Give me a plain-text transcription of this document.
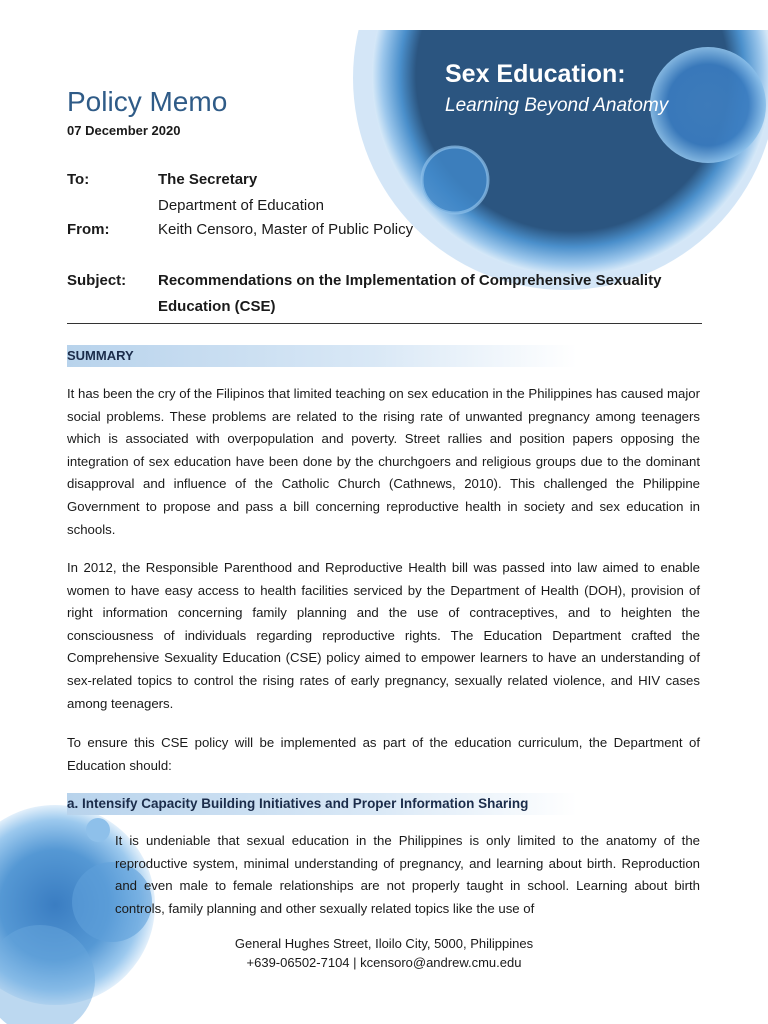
Sex Education:
Learning Beyond Anatomy
Policy Memo
07 December 2020
To:	The Secretary
Department of Education
From:	Keith Censoro, Master of Public Policy
Subject: Recommendations on the Implementation of Comprehensive Sexuality
Education (CSE)
SUMMARY
It has been the cry of the Filipinos that limited teaching on sex education in the Philippines has caused major social problems. These problems are related to the rising rate of unwanted pregnancy among teenagers which is associated with overpopulation and poverty. Street rallies and position papers opposing the integration of sex education have been done by the churchgoers and religious groups due to the dominant disapproval and influence of the Catholic Church (Cathnews, 2010). This challenged the Philippine Government to propose and pass a bill concerning reproductive health in society and sex education in schools.
In 2012, the Responsible Parenthood and Reproductive Health bill was passed into law aimed to enable women to have easy access to health facilities serviced by the Department of Health (DOH), provision of right information concerning family planning and the use of contraceptives, and to heighten the consciousness of individuals regarding reproductive rights. The Education Department crafted the Comprehensive Sexuality Education (CSE) policy aimed to empower learners to have an understanding of sex-related topics to control the rising rates of early pregnancy, sexually related violence, and HIV cases among teenagers.
To ensure this CSE policy will be implemented as part of the education curriculum, the Department of Education should:
a. Intensify Capacity Building Initiatives and Proper Information Sharing
It is undeniable that sexual education in the Philippines is only limited to the anatomy of the reproductive system, minimal understanding of pregnancy, and learning about birth. Reproduction and even male to female relationships are not properly taught in school. Learning about birth controls, family planning and other sexually related topics like the use of
General Hughes Street, Iloilo City, 5000, Philippines
+639-06502-7104 | kcensoro@andrew.cmu.edu
